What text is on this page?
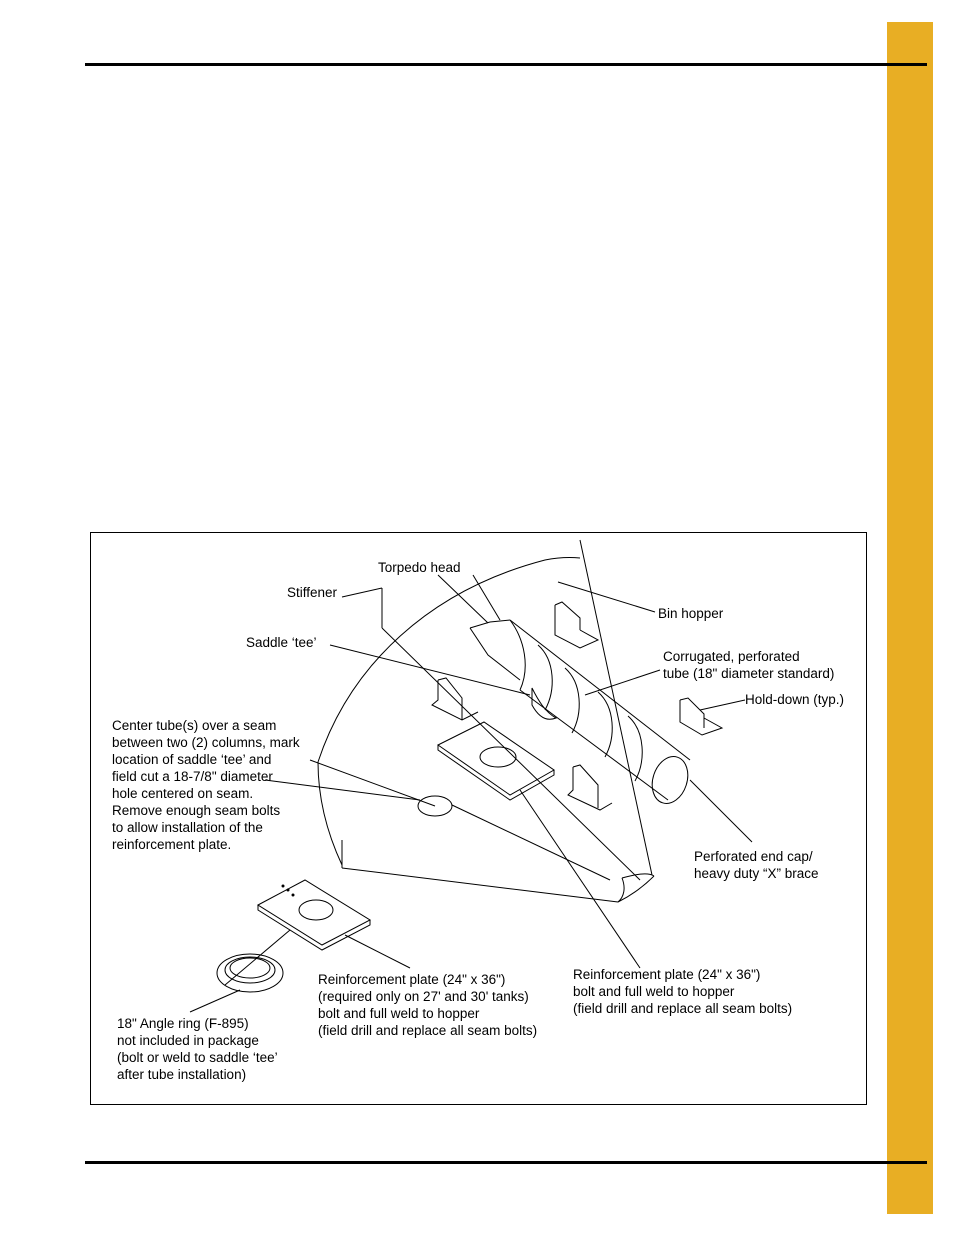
Torpedo head
Stiffener
Bin hopper
Saddle ‘tee’
Corrugated, perforated
tube (18" diameter standard)
Hold-down (typ.)
Center tube(s) over a seam
between two (2) columns, mark
location of saddle ‘tee’ and
field cut a 18-7/8" diameter
hole centered on seam.
Remove enough seam bolts
to allow installation of the
reinforcement plate.
Perforated end cap/
heavy duty “X” brace
Reinforcement plate (24" x 36")
(required only on 27' and 30' tanks)
bolt and full weld to hopper
(field drill and replace all seam bolts)
Reinforcement plate (24" x 36")
bolt and full weld to hopper
(field drill and replace all seam bolts)
18" Angle ring (F-895)
not included in package
(bolt or weld to saddle ‘tee’
after tube installation)
